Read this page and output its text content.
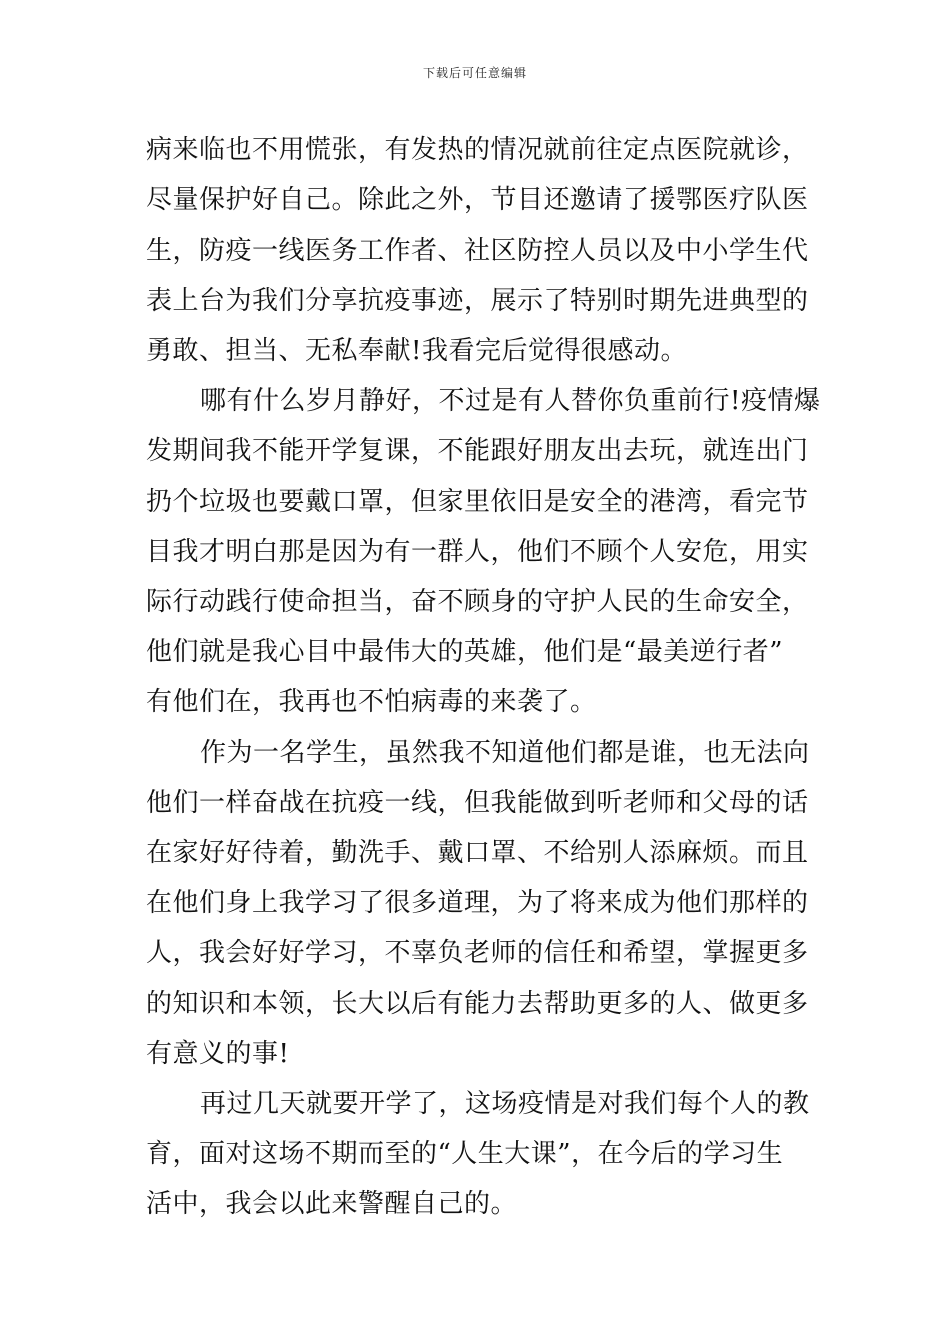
下载后可任意编辑
病来临也不用慌张，有发热的情况就前往定点医院就诊，
尽量保护好自己。除此之外，节目还邀请了援鄂医疗队医
生，防疫一线医务工作者、社区防控人员以及中小学生代
表上台为我们分享抗疫事迹，展示了特别时期先进典型的
勇敢、担当、无私奉献!我看完后觉得很感动。
哪有什么岁月静好，不过是有人替你负重前行!疫情爆
发期间我不能开学复课，不能跟好朋友出去玩，就连出门
扔个垃圾也要戴口罩，但家里依旧是安全的港湾，看完节
目我才明白那是因为有一群人，他们不顾个人安危，用实
际行动践行使命担当，奋不顾身的守护人民的生命安全，
他们就是我心目中最伟大的英雄，他们是“最美逆行者”
有他们在，我再也不怕病毒的来袭了。
作为一名学生，虽然我不知道他们都是谁，也无法向
他们一样奋战在抗疫一线，但我能做到听老师和父母的话
在家好好待着，勤洗手、戴口罩、不给别人添麻烦。而且
在他们身上我学习了很多道理，为了将来成为他们那样的
人，我会好好学习，不辜负老师的信任和希望，掌握更多
的知识和本领，长大以后有能力去帮助更多的人、做更多
有意义的事!
再过几天就要开学了，这场疫情是对我们每个人的教
育，面对这场不期而至的“人生大课”，在今后的学习生
活中，我会以此来警醒自己的。
